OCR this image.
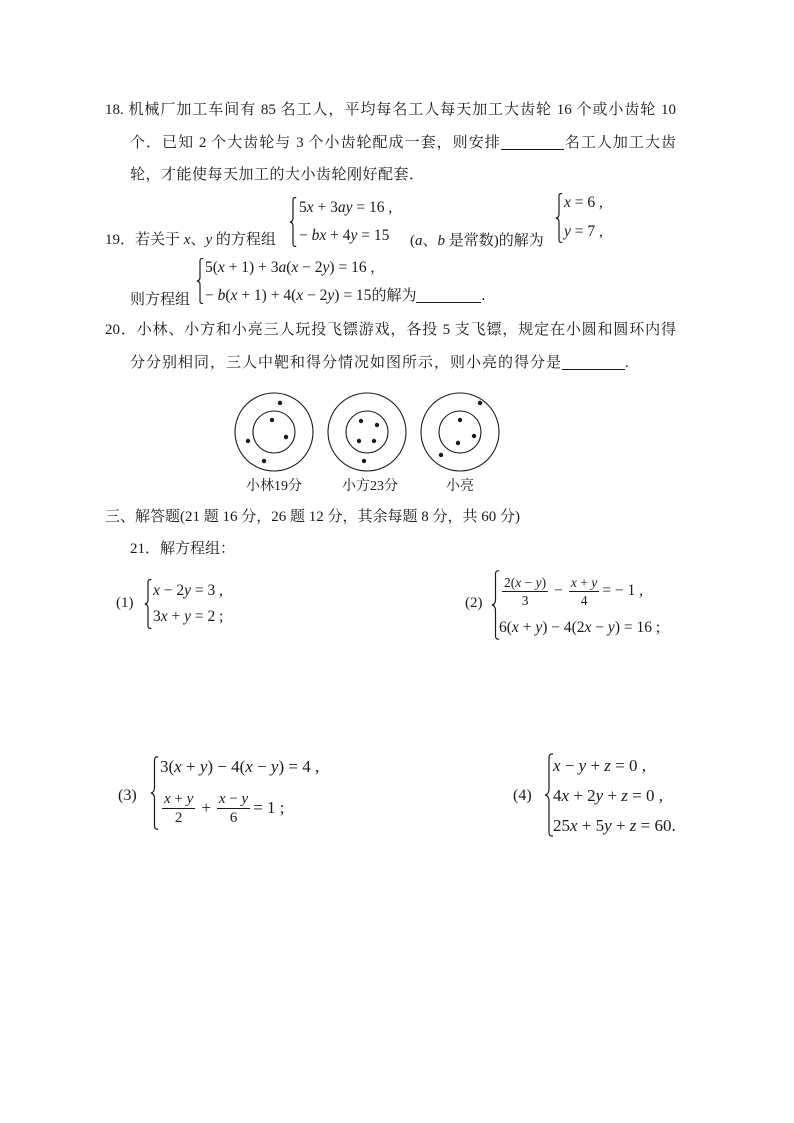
18. 机械厂加工车间有 85 名工人，平均每名工人每天加工大齿轮 16 个或小齿轮 10
个．已知 2 个大齿轮与 3 个小齿轮配成一套，则安排	名工人加工大齿
轮，才能使每天加工的大小齿轮刚好配套．
19．若关于 x、y 的方程组
5x + 3ay = 16 ,
− bx + 4y = 15 (a、b 是常数)的解为
x = 6 ,
y = 7 ,
则方程组
5(x + 1) + 3a(x − 2y) = 16 ,
− b(x + 1) + 4(x − 2y) = 15的解为	.
20．小林、小方和小亮三人玩投飞镖游戏，各投 5 支飞镖，规定在小圆和圆环内得
分分别相同，三人中靶和得分情况如图所示，则小亮的得分是	.
小林19分	小方23分	小亮
三、解答题(21 题 16 分，26 题 12 分，其余每题 8 分，共 60 分)
21．解方程组：
(1)
x − 2y = 3 ,
3x + y = 2 ;
$(2) \frac{2(x - y)}{3} - \frac{x + y}{4}$ = − 1 ,
6(x + y) − 4(2x − y) = 16 ;
(3)
3(x + y) − 4(x − y) = 4 ,
$\frac{x + y}{2} + \frac{x - y}{6} = 1$ ;
(4)
x − y + z = 0 ,
4x + 2y + z = 0 ,
25x + 5y + z = 60.
